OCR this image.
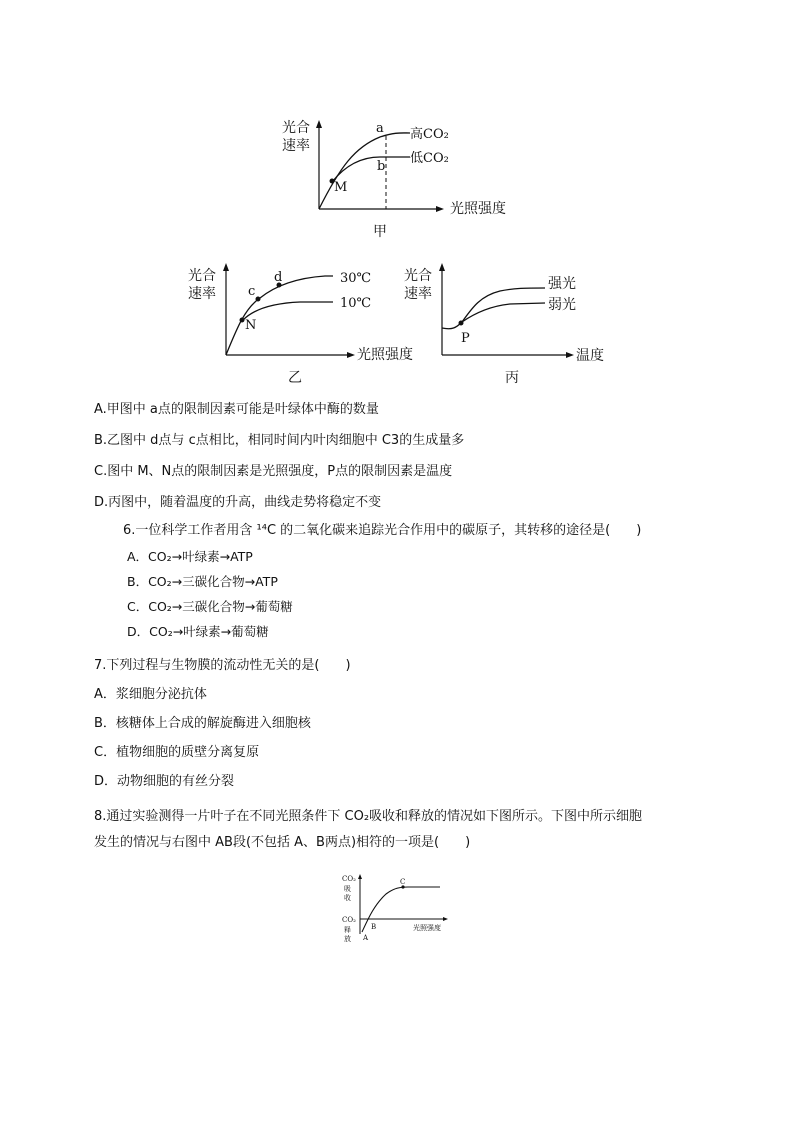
光合
速率
a
b
M
高CO₂
低CO₂
光照强度
甲
光合
速率
N
c
d	30℃
10℃
光照强度
乙
光合
速率
P
强光
弱光
温度
丙
A.甲图中 a点的限制因素可能是叶绿体中酶的数量
B.乙图中 d点与 c点相比，相同时间内叶肉细胞中 C3的生成量多
C.图中 M、N点的限制因素是光照强度，P点的限制因素是温度
D.丙图中，随着温度的升高，曲线走势将稳定不变
6.一位科学工作者用含 ¹⁴C 的二氧化碳来追踪光合作用中的碳原子，其转移的途径是(　　)
A．CO₂→叶绿素→ATP
B．CO₂→三碳化合物→ATP
C．CO₂→三碳化合物→葡萄糖
D．CO₂→叶绿素→葡萄糖
7.下列过程与生物膜的流动性无关的是(　　)
A．浆细胞分泌抗体
B．核糖体上合成的解旋酶进入细胞核
C．植物细胞的质壁分离复原
D．动物细胞的有丝分裂
8.通过实验测得一片叶子在不同光照条件下 CO₂吸收和释放的情况如下图所示。下图中所示细胞
发生的情况与右图中 AB段(不包括 A、B两点)相符的一项是(　　)
CO₂
吸
收
CO₂
释
放 A
B
C
光照强度
